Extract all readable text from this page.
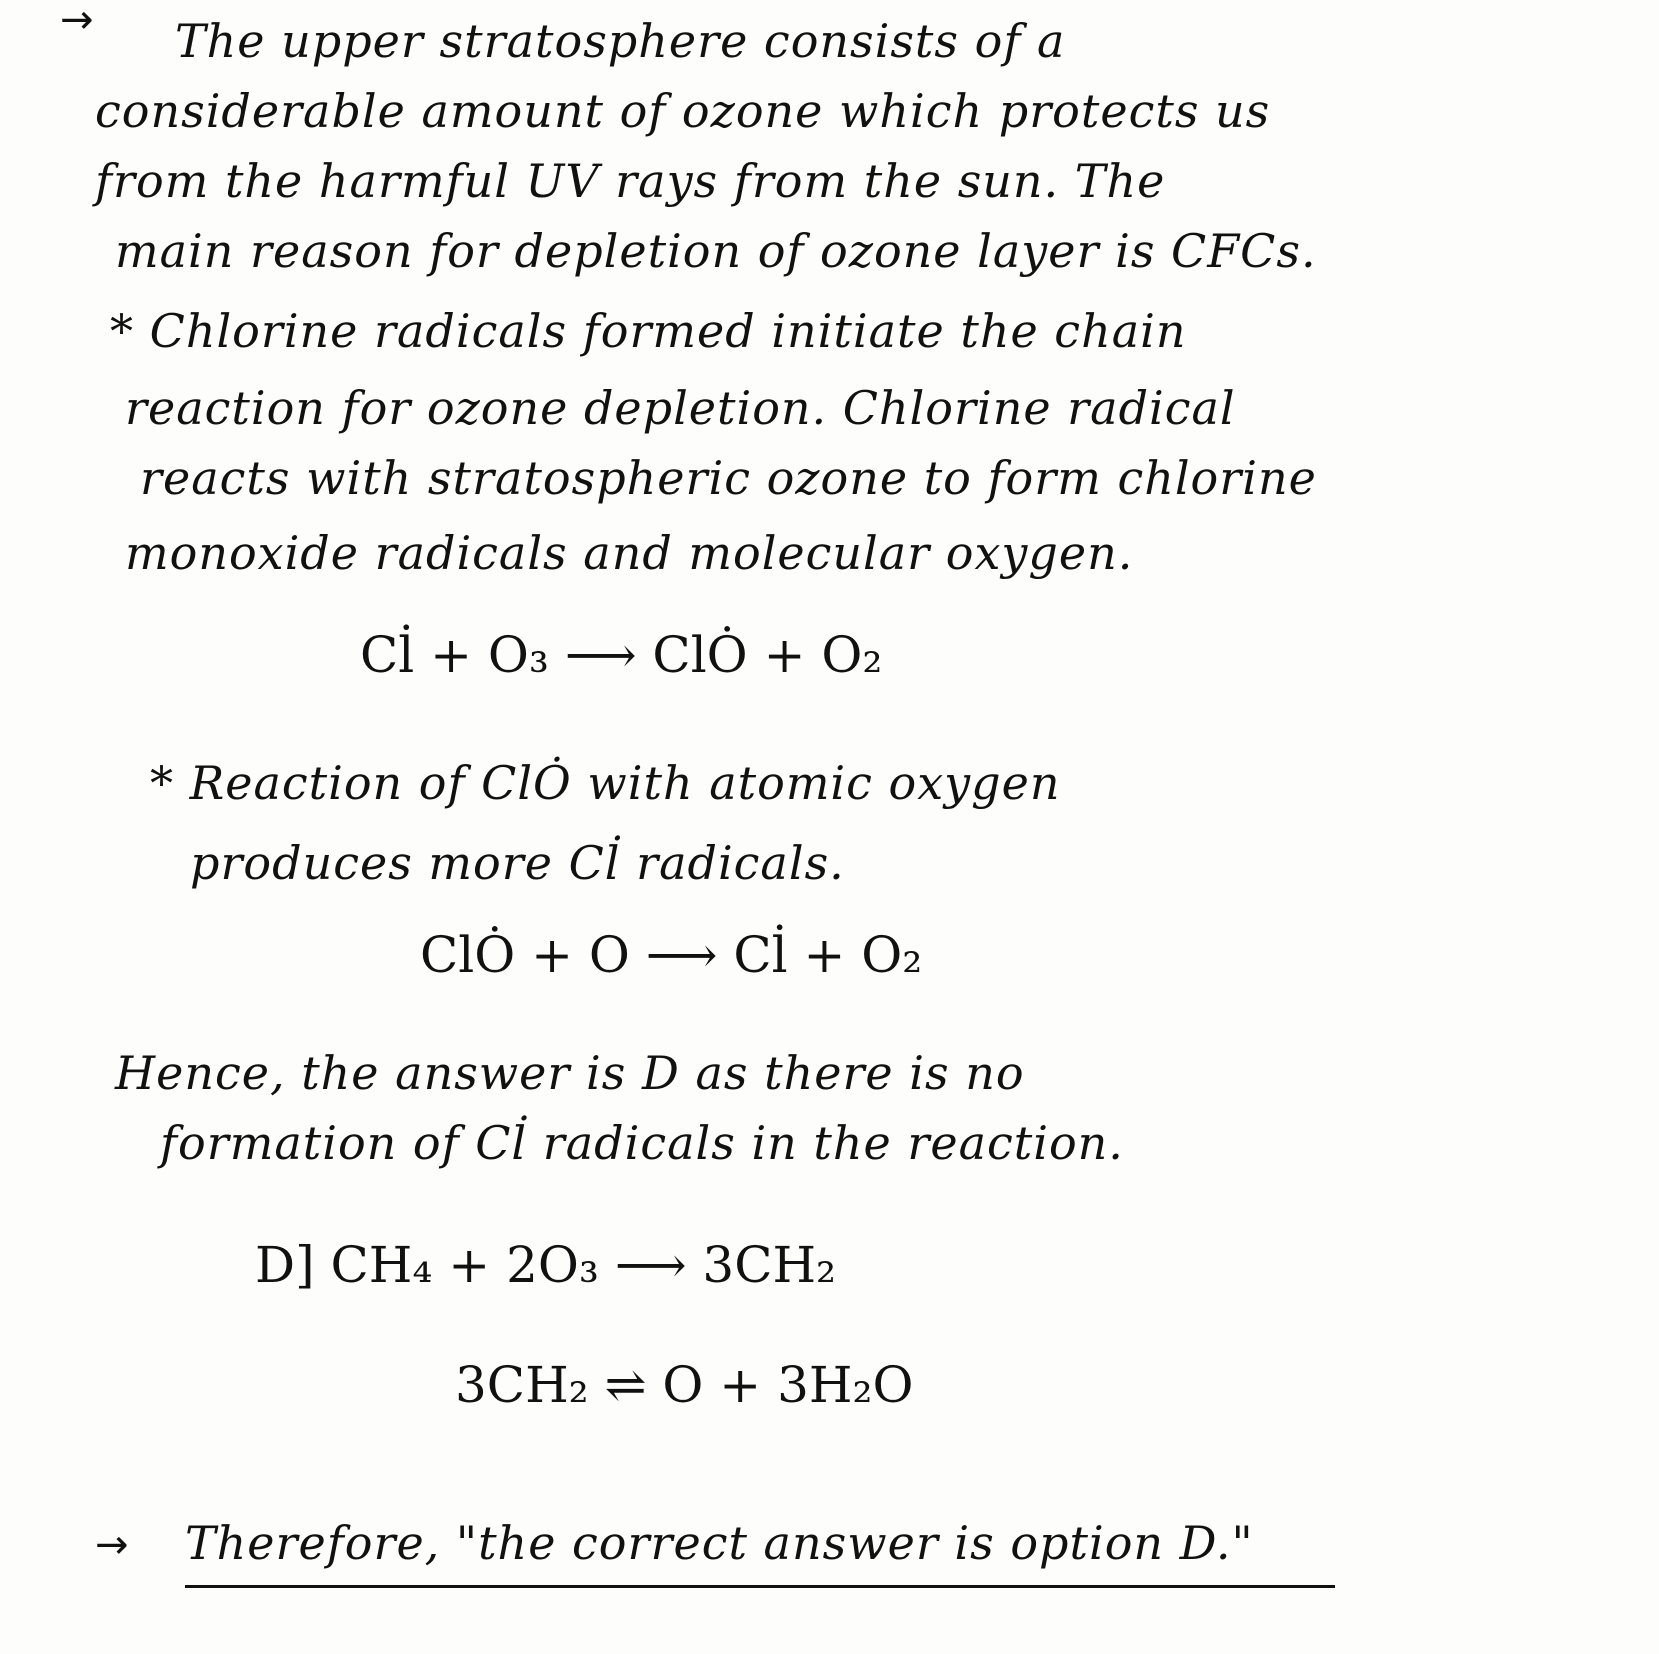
→ The upper stratosphere consists of a
considerable amount of ozone which protects us
from the harmful UV rays from the sun. The
main reason for depletion of ozone layer is CFCs.
* Chlorine radicals formed initiate the chain
reaction for ozone depletion. Chlorine radical
reacts with stratospheric ozone to form chlorine
monoxide radicals and molecular oxygen.
Cl̇ + O₃ ⟶ ClȮ + O₂
* Reaction of ClȮ with atomic oxygen
produces more Cl̇ radicals.
ClȮ + O ⟶ Cl̇ + O₂
Hence, the answer is D as there is no
formation of Cl̇ radicals in the reaction.
D] CH₄ + 2O₃ ⟶ 3CH₂
3CH₂ ⇌ O + 3H₂O
→ Therefore, "the correct answer is option D."
